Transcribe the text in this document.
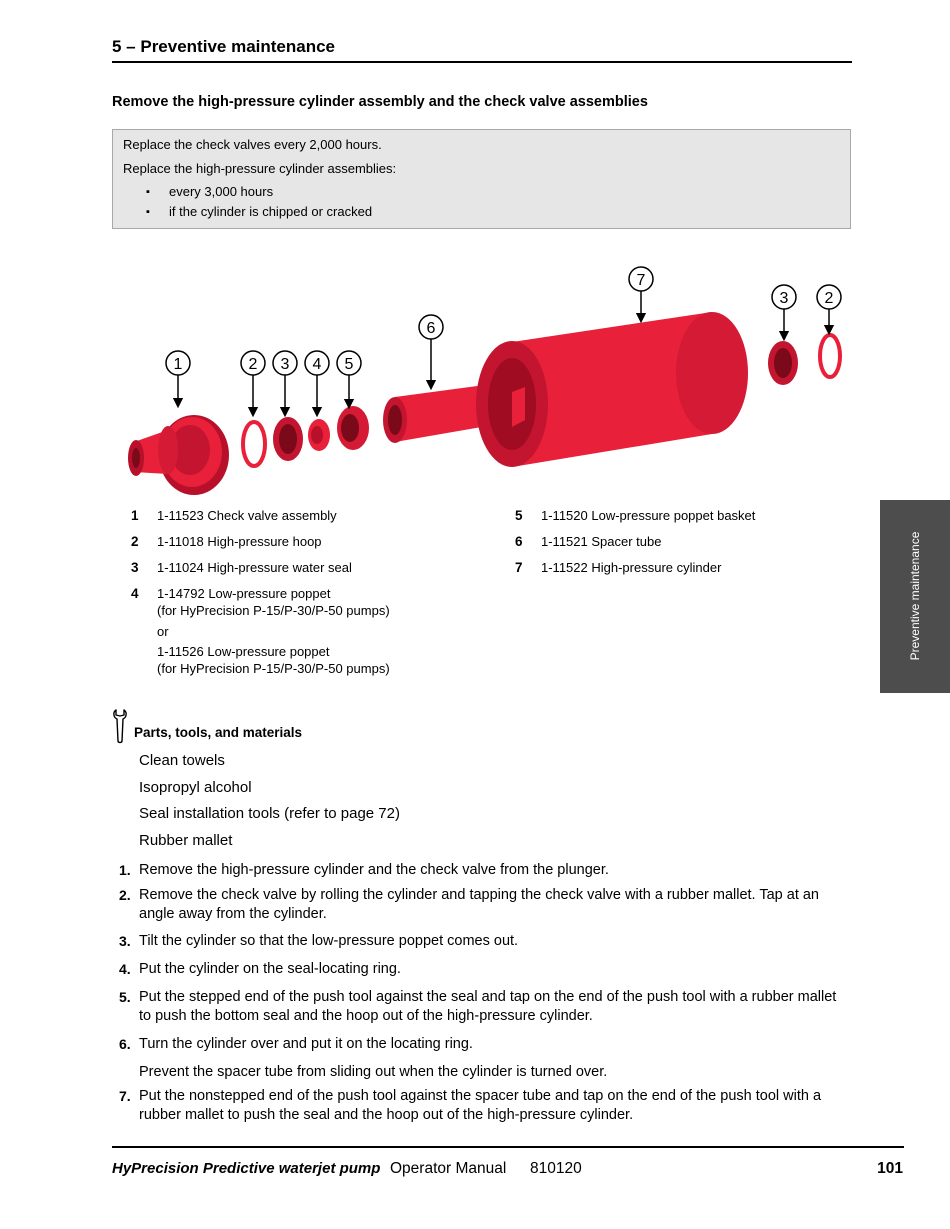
5 – Preventive maintenance
Remove the high-pressure cylinder assembly and the check valve assemblies
Replace the check valves every 2,000 hours.
Replace the high-pressure cylinder assemblies:
▪ every 3,000 hours
▪ if the cylinder is chipped or cracked
1	2 3 4 5
6
7
3 2
1 1-11523 Check valve assembly
2 1-11018 High-pressure hoop
3 1-11024 High-pressure water seal
4 1-14792 Low-pressure poppet
(for HyPrecision P-15/P-30/P-50 pumps)
or
1-11526 Low-pressure poppet
(for HyPrecision P-15/P-30/P-50 pumps)
5 1-11520 Low-pressure poppet basket
6 1-11521 Spacer tube
7 1-11522 High-pressure cylinder	Preventive maintenance
Parts, tools, and materials
Clean towels
Isopropyl alcohol
Seal installation tools (refer to page 72)
Rubber mallet
1. Remove the high-pressure cylinder and the check valve from the plunger.
2. Remove the check valve by rolling the cylinder and tapping the check valve with a rubber mallet. Tap at an angle away from the cylinder.
3. Tilt the cylinder so that the low-pressure poppet comes out.
4. Put the cylinder on the seal-locating ring.
5. Put the stepped end of the push tool against the seal and tap on the end of the push tool with a rubber mallet to push the bottom seal and the hoop out of the high-pressure cylinder.
6. Turn the cylinder over and put it on the locating ring.
Prevent the spacer tube from sliding out when the cylinder is turned over.
7. Put the nonstepped end of the push tool against the spacer tube and tap on the end of the push tool with a rubber mallet to push the seal and the hoop out of the high-pressure cylinder.
HyPrecision Predictive waterjet pump Operator Manual 810120	101
